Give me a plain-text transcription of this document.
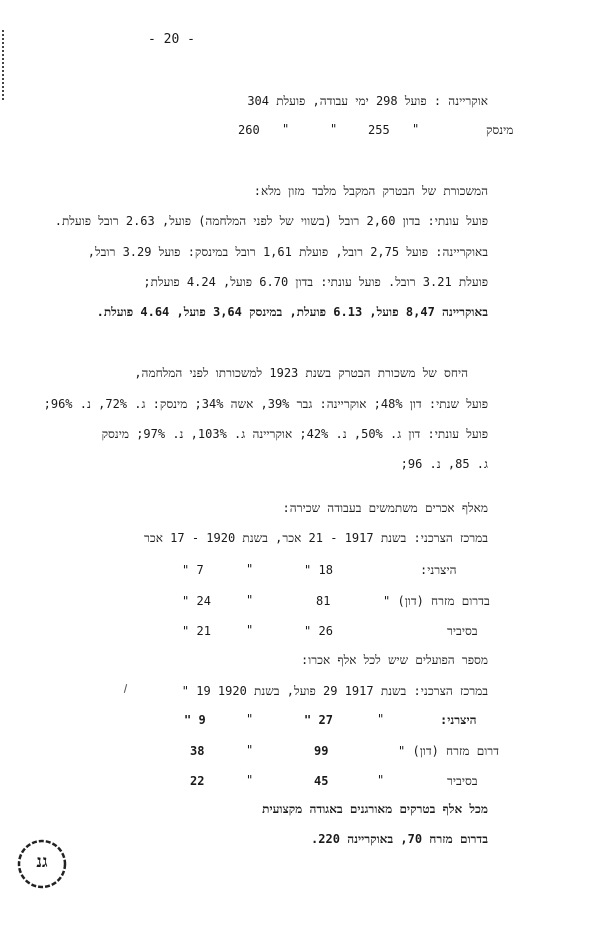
- 20 -
אוקריינה : פועל 298 ימי עבודה, פועלת 304
מינסק
"
255
"
"
260
המשכורת של הבטרק המקבל מלבד מזון מלא:
פועל עונתי: בדון 2,60 רובל (בשווי של לפני המלחמה) פועל, 2.63 רובל פועלת.
באוקריינה: פועל 2,75 רובל, פועלת 1,61 רובל במינסק: פועל 3.29 רובל,
פועלת 3.21 רובל. פועל עונתי: בדון 6.70 פועל, 4.24 פועלת;
באוקריינה 8,47 פועל, 6.13 פועלת, במינסק 3,64 פועל, 4.64 פועלת.
היחס של משכורת הבטרק בשנת 1923 למשכורתו לפני המלחמה,
פועל שנתי: דון 48%; אוקריינה: גבר 39%, אשה 34%; מינסק: ג. 72%, נ. 96%;
פועל עונתי: דון ג. 50%, נ. 42%; אוקריינה ג. 103%, נ. 97%; מינסק
ג. 85, נ. 96;
מאלף אכרים משתמשים בעבודה שכירה:
במרכז הצרכני: בשנת 1917 - 21 אכר, בשנת 1920 - 17 אכר
היצרני:
" 18
"
" 7
בדרום מזרח (דון) "
81
"
" 24
בסיביר
" 26
"
" 21
מספר הפועלים שיש לכל אלף אכרו:
במרכז הצרכני: בשנת 1917 29 פועל, בשנת 1920 19 "
היצרני:
"
" 27
"
" 9
דרום מזרח (דון) "
99
"
38
בסיביר
"
45
"
22
מכל אלף בטרקים מאורגנים באגודה מקצועית
בדרום מזרח 70, באוקריינה 220.
גנ
